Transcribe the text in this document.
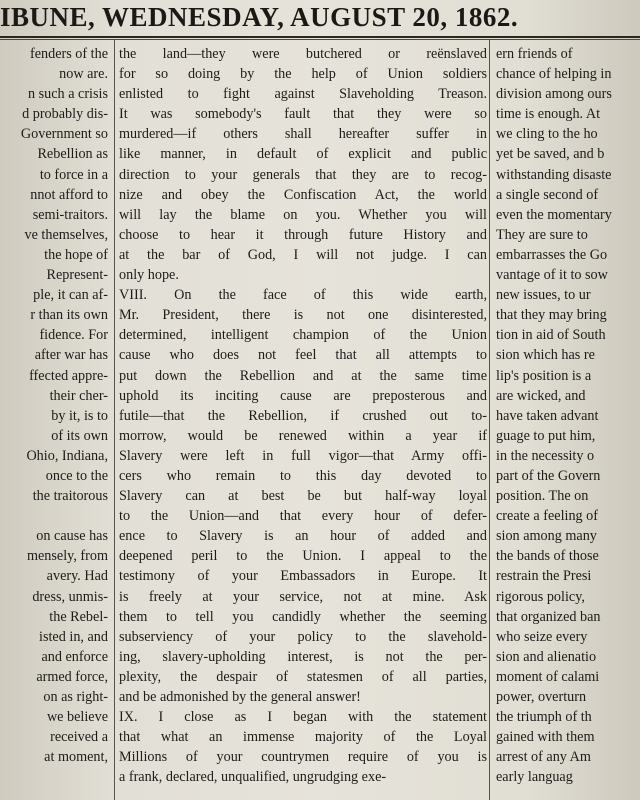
IBUNE, WEDNESDAY, AUGUST 20, 1862.
fenders of the
now are.
n such a crisis
d probably dis-
Government so
Rebellion as
to force in a
nnot afford to
semi-traitors.
ve themselves,
the hope of
Represent-
ple, it can af-
r than its own
fidence. For
after war has
ffected appre-
their cher-
by it, is to
of its own
Ohio, Indiana,
once to the
the traitorous
on cause has
mensely, from
avery. Had
dress, unmis-
the Rebel-
isted in, and
and enforce
armed force,
on as right-
we believe
received a
at moment,
the land—they were butchered or reënslaved
for so doing by the help of Union soldiers
enlisted to fight against Slaveholding Treason.
It was somebody's fault that they were so
murdered—if others shall hereafter suffer in
like manner, in default of explicit and public
direction to your generals that they are to recog-
nize and obey the Confiscation Act, the world
will lay the blame on you. Whether you will
choose to hear it through future History and
at the bar of God, I will not judge. I can
only hope.
VIII. On the face of this wide earth,
Mr. President, there is not one disinterested,
determined, intelligent champion of the Union
cause who does not feel that all attempts to
put down the Rebellion and at the same time
uphold its inciting cause are preposterous and
futile—that the Rebellion, if crushed out to-
morrow, would be renewed within a year if
Slavery were left in full vigor—that Army offi-
cers who remain to this day devoted to
Slavery can at best be but half-way loyal
to the Union—and that every hour of defer-
ence to Slavery is an hour of added and
deepened peril to the Union. I appeal to the
testimony of your Embassadors in Europe. It
is freely at your service, not at mine. Ask
them to tell you candidly whether the seeming
subserviency of your policy to the slavehold-
ing, slavery-upholding interest, is not the per-
plexity, the despair of statesmen of all parties,
and be admonished by the general answer!
IX. I close as I began with the statement
that what an immense majority of the Loyal
Millions of your countrymen require of you is
a frank, declared, unqualified, ungrudging exe-
ern friends of
chance of helping in
division among ours
time is enough. At
we cling to the ho
yet be saved, and b
withstanding disaste
a single second of
even the momentary
They are sure to
embarrasses the Go
vantage of it to sow
new issues, to ur
that they may bring
tion in aid of South
sion which has re
lip's position is a
are wicked, and
have taken advant
guage to put him,
in the necessity o
part of the Govern
position. The on
create a feeling of
sion among many
the bands of those
restrain the Presi
rigorous policy,
that organized ban
who seize every
sion and alienatio
moment of calami
power, overturn
the triumph of th
gained with them
arrest of any Am
early languag
